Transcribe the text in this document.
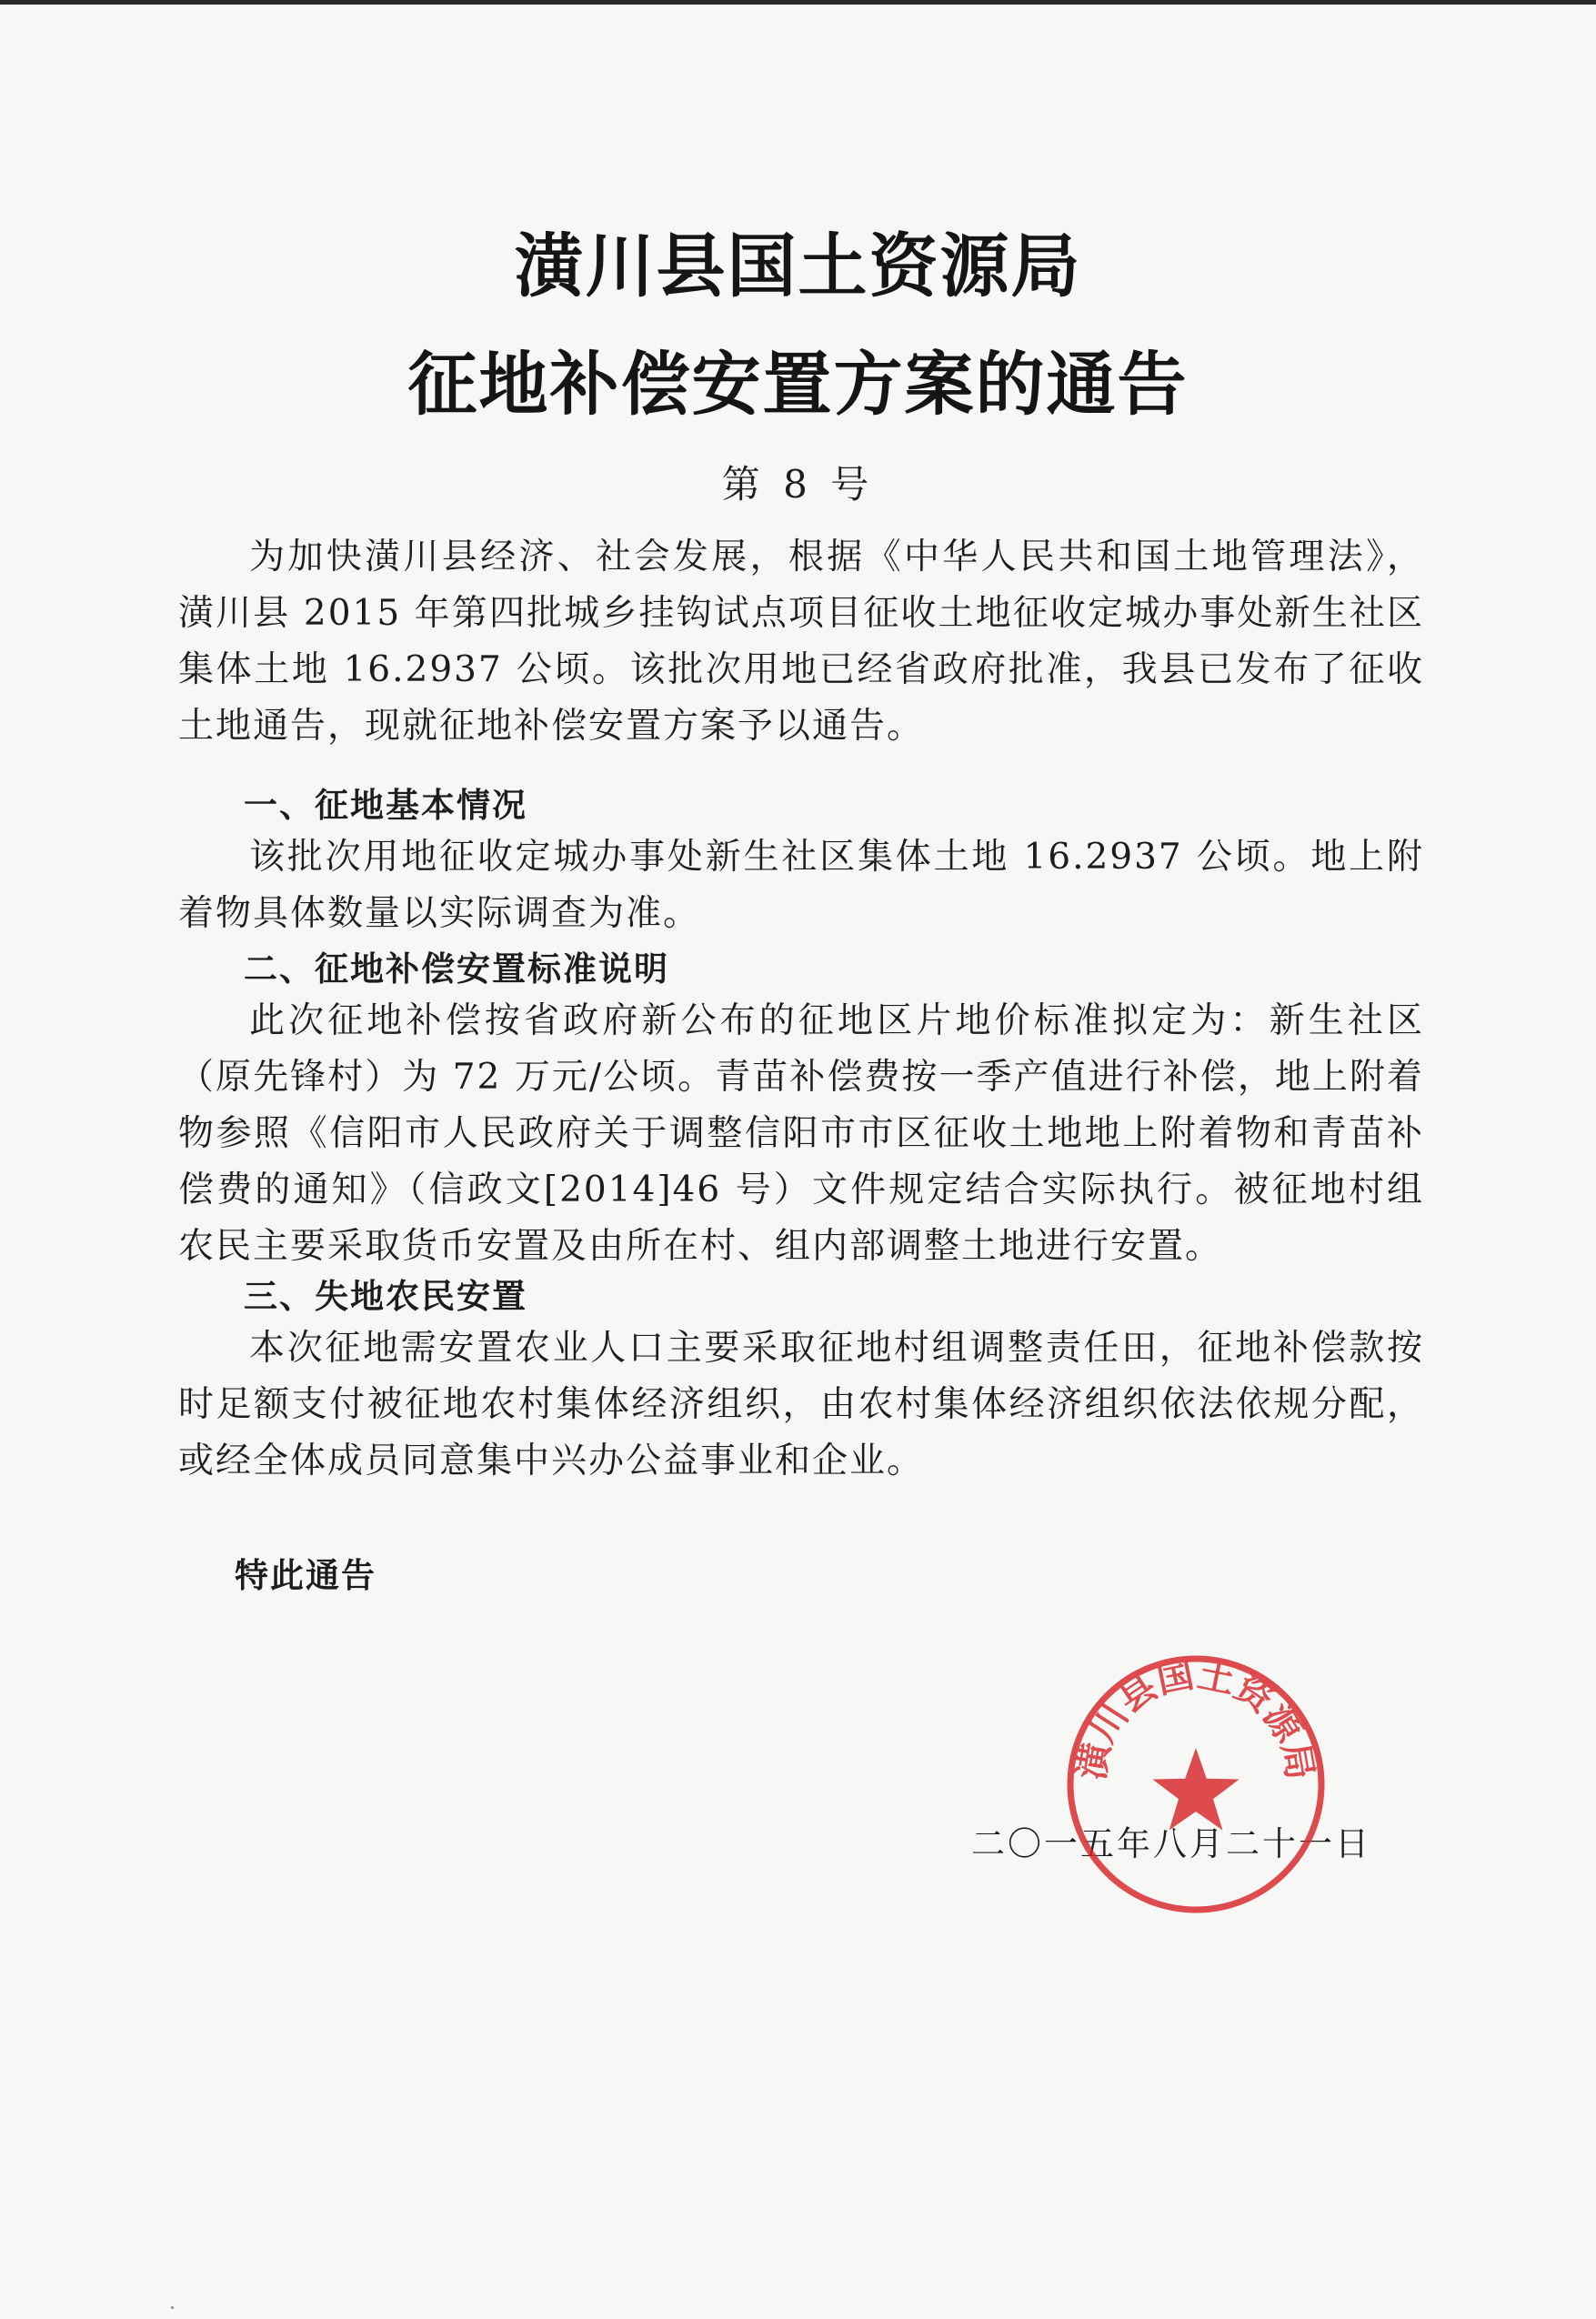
潢川县国土资源局
征地补偿安置方案的通告
第 8 号

为加快潢川县经济、社会发展，根据《中华人民共和国土地管理法》，潢川县 2015 年第四批城乡挂钩试点项目征收土地征收定城办事处新生社区集体土地 16.2937 公顷。该批次用地已经省政府批准，我县已发布了征收土地通告，现就征地补偿安置方案予以通告。

一、征地基本情况

该批次用地征收定城办事处新生社区集体土地 16.2937 公顷。地上附着物具体数量以实际调查为准。

二、征地补偿安置标准说明

此次征地补偿按省政府新公布的征地区片地价标准拟定为：新生社区（原先锋村）为 72 万元/公顷。青苗补偿费按一季产值进行补偿，地上附着物参照《信阳市人民政府关于调整信阳市市区征收土地地上附着物和青苗补偿费的通知》（信政文[2014]46 号）文件规定结合实际执行。被征地村组农民主要采取货币安置及由所在村、组内部调整土地进行安置。

三、失地农民安置

本次征地需安置农业人口主要采取征地村组调整责任田，征地补偿款按时足额支付被征地农村集体经济组织，由农村集体经济组织依法依规分配，或经全体成员同意集中兴办公益事业和企业。

特此通告
二〇一五年八月二十一日
潢川县国土资源局
